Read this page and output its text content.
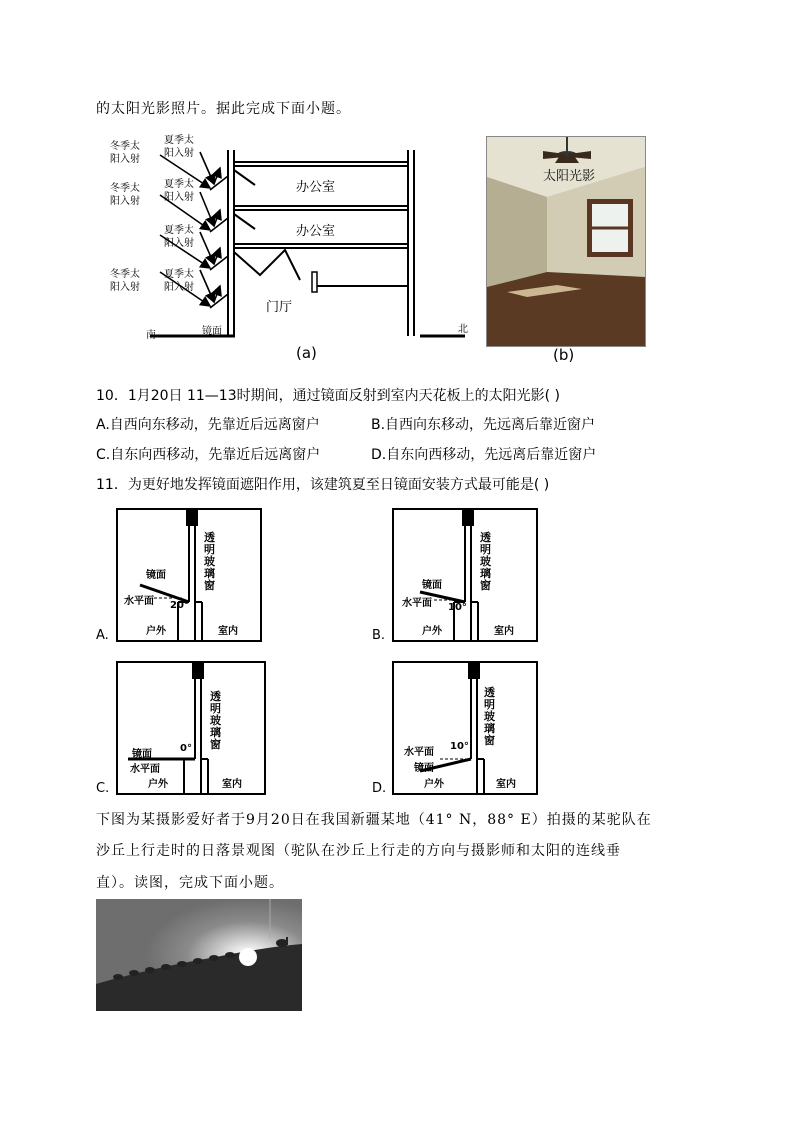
的太阳光影照片。据此完成下面小题。
冬季太阳入射
冬季太阳入射
冬季太阳入射
夏季太阳入射
夏季太阳入射
夏季太阳入射
夏季太阳入射
办公室
办公室
门厅
镜面
南
北
(a)
太阳光影
(b)
10．1月20日 11—13时期间，通过镜面反射到室内天花板上的太阳光影( )
A.自西向东移动，先靠近后远离窗户	B.自西向东移动，先远离后靠近窗户
C.自东向西移动，先靠近后远离窗户	D.自东向西移动，先远离后靠近窗户
11．为更好地发挥镜面遮阳作用，该建筑夏至日镜面安装方式最可能是( )
透明玻璃窗
镜面
水平面 20°
户外	室内
A.
透明玻璃窗
镜面
水平面 10°
户外	室内
B.
透明玻璃窗
镜面
0°
水平面
户外	室内
C.
透明玻璃窗
水平面
10°
镜面
户外	室内
D.
下图为某摄影爱好者于9月20日在我国新疆某地（41° N，88° E）拍摄的某驼队在
沙丘上行走时的日落景观图（驼队在沙丘上行走的方向与摄影师和太阳的连线垂
直）。读图，完成下面小题。
